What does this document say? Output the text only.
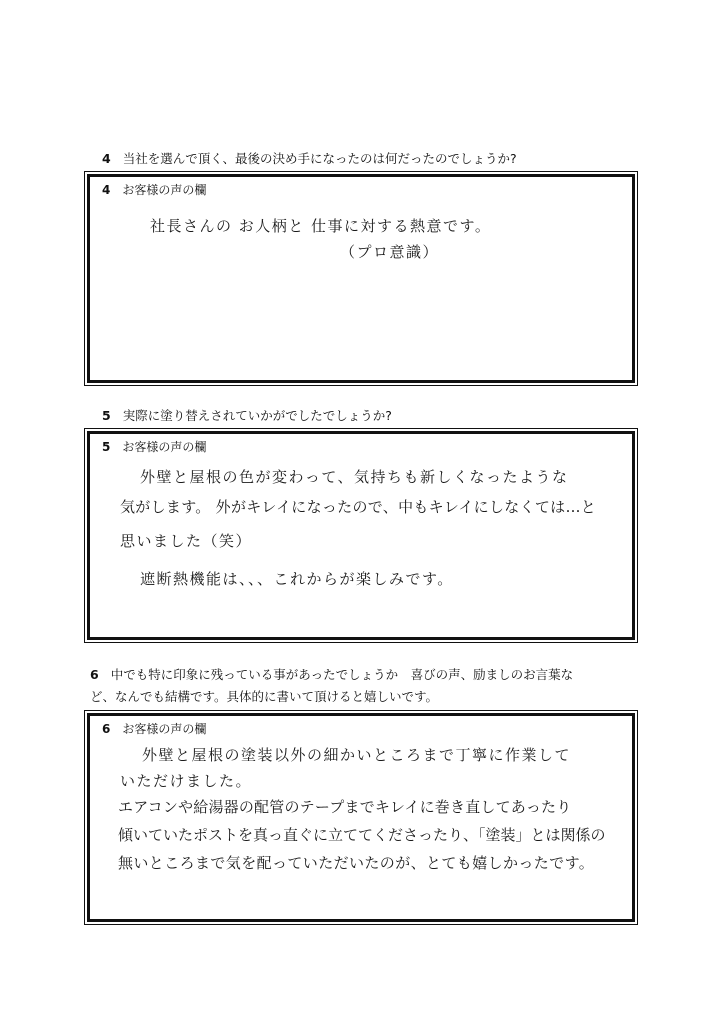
4 当社を選んで頂く、最後の決め手になったのは何だったのでしょうか?
4 お客様の声の欄
社長さんの お人柄と 仕事に対する熱意です。
（プロ意識）
5 実際に塗り替えされていかがでしたでしょうか?
5 お客様の声の欄
外壁と屋根の色が変わって、気持ちも新しくなったような
気がします。 外がキレイになったので、中もキレイにしなくては…と
思いました（笑）
遮断熱機能は、、、これからが楽しみです。
6 中でも特に印象に残っている事があったでしょうか　喜びの声、励ましのお言葉な
ど、なんでも結構です。具体的に書いて頂けると嬉しいです。
6 お客様の声の欄
外壁と屋根の塗装以外の細かいところまで丁寧に作業して
いただけました。
エアコンや給湯器の配管のテープまでキレイに巻き直してあったり
傾いていたポストを真っ直ぐに立ててくださったり、「塗装」とは関係の
無いところまで気を配っていただいたのが、とても嬉しかったです。
